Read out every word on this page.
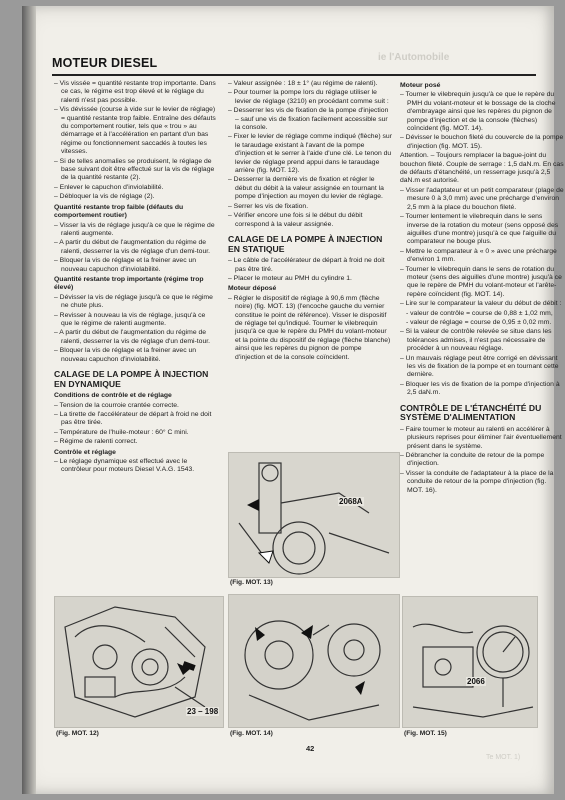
ie l'Automobile
MOTEUR DIESEL

– Vis vissée = quantité restante trop importante. Dans ce cas, le régime est trop élevé et le réglage du ralenti n'est pas possible.

– Vis dévissée (course à vide sur le levier de réglage) = quantité restante trop faible. Entraîne des défauts du comportement routier, tels que « trou » au démarrage et à l'accélération en partant d'un bas régime ou fonctionnement saccadés à toutes les vitesses.

– Si de telles anomalies se produisent, le réglage de base suivant doit être effectué sur la vis de réglage de la quantité restante (2).

– Enlever le capuchon d'inviolabilité.

– Débloquer la vis de réglage (2).

Quantité restante trop faible (défauts du comportement routier)

– Visser la vis de réglage jusqu'à ce que le régime de ralenti augmente.

– A partir du début de l'augmentation du régime de ralenti, desserrer la vis de réglage d'un demi-tour.

– Bloquer la vis de réglage et la freiner avec un nouveau capuchon d'inviolabilité.

Quantité restante trop importante (régime trop élevé)

– Dévisser la vis de réglage jusqu'à ce que le régime ne chute plus.

– Revisser à nouveau la vis de réglage, jusqu'à ce que le régime de ralenti augmente.

– A partir du début de l'augmentation du régime de ralenti, desserrer la vis de réglage d'un demi-tour.

– Bloquer la vis de réglage et la freiner avec un nouveau capuchon d'inviolabilité.

CALAGE DE LA POMPE À INJECTION EN DYNAMIQUE

Conditions de contrôle et de réglage

– Tension de la courroie crantée correcte.

– La tirette de l'accélérateur de départ à froid ne doit pas être tirée.

– Température de l'huile-moteur : 60° C mini.

– Régime de ralenti correct.

Contrôle et réglage

– Le réglage dynamique est effectué avec le contrôleur pour moteurs Diesel V.A.G. 1543.

– Valeur assignée : 18 ± 1° (au régime de ralenti).

– Pour tourner la pompe lors du réglage utiliser le levier de réglage (3210) en procédant comme suit :

– Desserrer les vis de fixation de la pompe d'injection – sauf une vis de fixation facilement accessible sur la console.

– Fixer le levier de réglage comme indiqué (flèche) sur le taraudage existant à l'avant de la pompe d'injection et le serrer à l'aide d'une clé. Le tenon du levier de réglage prend appui dans le taraudage arrière (fig. MOT. 12).

– Desserrer la dernière vis de fixation et régler le début du débit à la valeur assignée en tournant la pompe d'injection au moyen du levier de réglage.

– Serrer les vis de fixation.

– Vérifier encore une fois si le début du débit correspond à la valeur assignée.

CALAGE DE LA POMPE À INJECTION EN STATIQUE

– Le câble de l'accélérateur de départ à froid ne doit pas être tiré.

– Placer le moteur au PMH du cylindre 1.

Moteur déposé

– Régler le dispositif de réglage à 90,6 mm (flèche noire) (fig. MOT. 13) (l'encoche gauche du vernier constitue le point de référence). Visser le dispositif de réglage tel qu'indiqué. Tourner le vilebrequin jusqu'à ce que le repère du PMH du volant-moteur et la pointe du dispositif de réglage (flèche blanche) ainsi que les repères du pignon de pompe d'injection et de la console coïncident.

Moteur posé

– Tourner le vilebrequin jusqu'à ce que le repère du PMH du volant-moteur et le bossage de la cloche d'embrayage ainsi que les repères du pignon de pompe d'injection et de la console (flèches) coïncident (fig. MOT. 14).

– Dévisser le bouchon fileté du couvercle de la pompe d'injection (fig. MOT. 15).

Attention. – Toujours remplacer la bague-joint du bouchon fileté. Couple de serrage : 1,5 daN.m. En cas de défauts d'étanchéité, un resserrage jusqu'à 2,5 daN.m est autorisé.

– Visser l'adaptateur et un petit comparateur (plage de mesure 0 à 3,0 mm) avec une précharge d'environ 2,5 mm à la place du bouchon fileté.

– Tourner lentement le vilebrequin dans le sens inverse de la rotation du moteur (sens opposé des aiguilles d'une montre) jusqu'à ce que l'aiguille du comparateur ne bouge plus.

– Mettre le comparateur à « 0 » avec une précharge d'environ 1 mm.

– Tourner le vilebrequin dans le sens de rotation du moteur (sens des aiguilles d'une montre) jusqu'à ce que le repère de PMH du volant-moteur et l'arête-repère coïncident (fig. MOT. 14).

– Lire sur le comparateur la valeur du début de débit :

- valeur de contrôle = course de 0,88 ± 1,02 mm,

- valeur de réglage = course de 0,95 ± 0,02 mm.

– Si la valeur de contrôle relevée se situe dans les tolérances admises, il n'est pas nécessaire de procéder à un nouveau réglage.

– Un mauvais réglage peut être corrigé en dévissant les vis de fixation de la pompe et en tournant cette dernière.

– Bloquer les vis de fixation de la pompe d'injection à 2,5 daN.m.

CONTRÔLE DE L'ÉTANCHÉITÉ DU SYSTÈME D'ALIMENTATION

– Faire tourner le moteur au ralenti en accélérer à plusieurs reprises pour éliminer l'air éventuellement présent dans le système.

– Débrancher la conduite de retour de la pompe d'injection.

– Visser la conduite de l'adaptateur à la place de la conduite de retour de la pompe d'injection (fig. MOT. 16).

23 – 198
(Fig. MOT. 12)
2068A
(Fig. MOT. 13)
(Fig. MOT. 14)
2066
(Fig. MOT. 15)
42
Te MOT. 1)
